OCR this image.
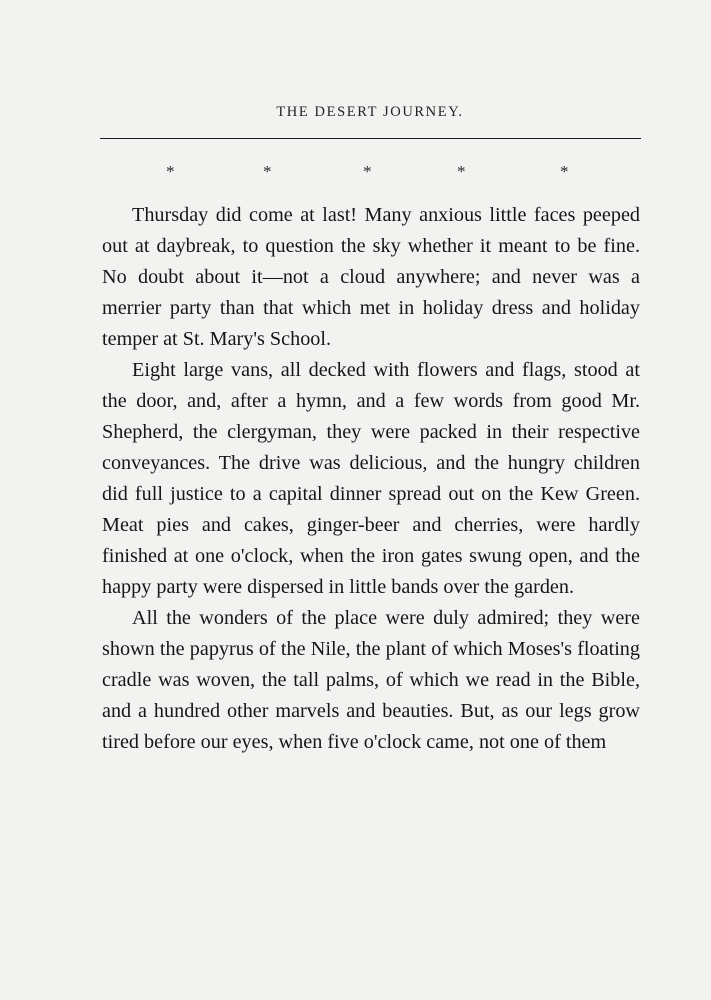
THE DESERT JOURNEY.
*	*	*	*	*

Thursday did come at last! Many anxious little faces peeped out at daybreak, to question the sky whether it meant to be fine. No doubt about it—not a cloud anywhere; and never was a merrier party than that which met in holiday dress and holiday temper at St. Mary's School.

Eight large vans, all decked with flowers and flags, stood at the door, and, after a hymn, and a few words from good Mr. Shepherd, the clergyman, they were packed in their respective conveyances. The drive was delicious, and the hungry children did full justice to a capital dinner spread out on the Kew Green. Meat pies and cakes, ginger-beer and cherries, were hardly finished at one o'clock, when the iron gates swung open, and the happy party were dispersed in little bands over the garden.

All the wonders of the place were duly admired; they were shown the papyrus of the Nile, the plant of which Moses's floating cradle was woven, the tall palms, of which we read in the Bible, and a hundred other marvels and beauties. But, as our legs grow tired before our eyes, when five o'clock came, not one of them
